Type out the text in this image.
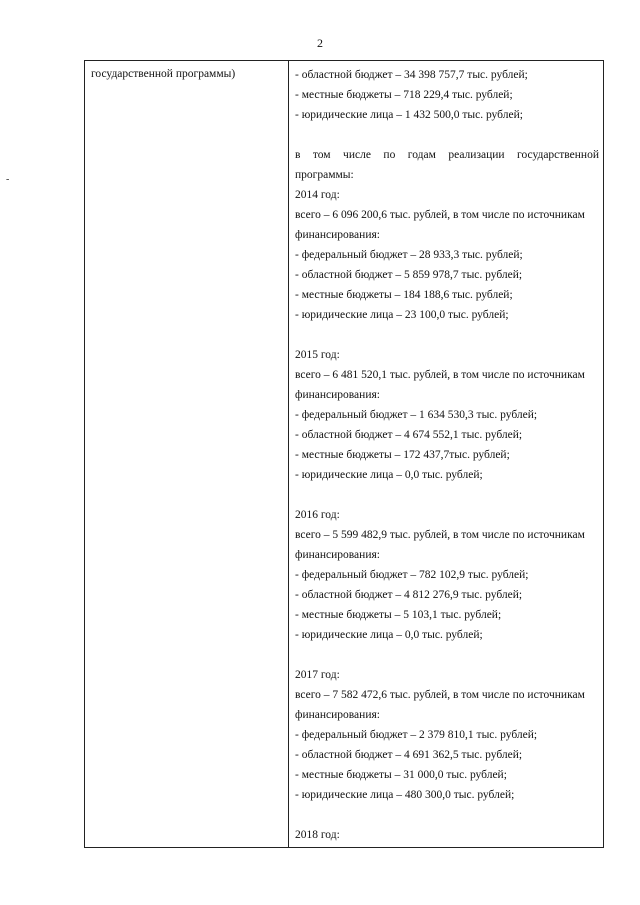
2
-
государственной программы)	- областной бюджет – 34 398 757,7 тыс. рублей;
- местные бюджеты – 718 229,4 тыс. рублей;
- юридические лица – 1 432 500,0 тыс. рублей;
в том числе по годам реализации государственной
программы:
2014 год:
всего – 6 096 200,6 тыс. рублей, в том числе по источникам
финансирования:
- федеральный бюджет – 28 933,3 тыс. рублей;
- областной бюджет – 5 859 978,7 тыс. рублей;
- местные бюджеты – 184 188,6 тыс. рублей;
- юридические лица – 23 100,0 тыс. рублей;
2015 год:
всего – 6 481 520,1 тыс. рублей, в том числе по источникам
финансирования:
- федеральный бюджет – 1 634 530,3 тыс. рублей;
- областной бюджет – 4 674 552,1 тыс. рублей;
- местные бюджеты – 172 437,7тыс. рублей;
- юридические лица – 0,0 тыс. рублей;
2016 год:
всего – 5 599 482,9 тыс. рублей, в том числе по источникам
финансирования:
- федеральный бюджет – 782 102,9 тыс. рублей;
- областной бюджет – 4 812 276,9 тыс. рублей;
- местные бюджеты – 5 103,1 тыс. рублей;
- юридические лица – 0,0 тыс. рублей;
2017 год:
всего – 7 582 472,6 тыс. рублей, в том числе по источникам
финансирования:
- федеральный бюджет – 2 379 810,1 тыс. рублей;
- областной бюджет – 4 691 362,5 тыс. рублей;
- местные бюджеты – 31 000,0 тыс. рублей;
- юридические лица – 480 300,0 тыс. рублей;
2018 год:
